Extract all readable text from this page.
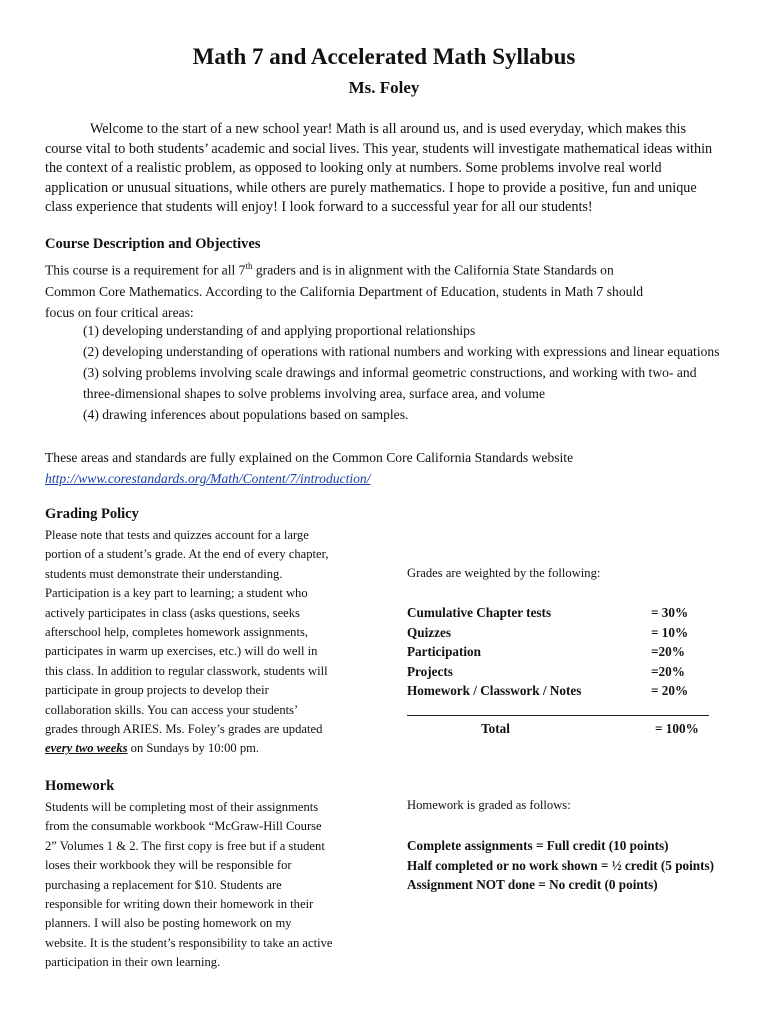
Math 7 and Accelerated Math Syllabus
Ms. Foley
Welcome to the start of a new school year! Math is all around us, and is used everyday, which makes this course vital to both students’ academic and social lives. This year, students will investigate mathematical ideas within the context of a realistic problem, as opposed to looking only at numbers. Some problems involve real world application or unusual situations, while others are purely mathematics. I hope to provide a positive, fun and unique class experience that students will enjoy! I look forward to a successful year for all our students!
Course Description and Objectives
This course is a requirement for all 7th graders and is in alignment with the California State Standards on
Common Core Mathematics. According to the California Department of Education, students in Math 7 should
focus on four critical areas:
(1) developing understanding of and applying proportional relationships
(2) developing understanding of operations with rational numbers and working with expressions and linear equations
(3) solving problems involving scale drawings and informal geometric constructions, and working with two- and three-dimensional shapes to solve problems involving area, surface area, and volume
(4) drawing inferences about populations based on samples.
These areas and standards are fully explained on the Common Core California Standards website
http://www.corestandards.org/Math/Content/7/introduction/
Grading Policy
Please note that tests and quizzes account for a large
portion of a student’s grade. At the end of every chapter,
students must demonstrate their understanding.
Participation is a key part to learning; a student who
actively participates in class (asks questions, seeks
afterschool help, completes homework assignments,
participates in warm up exercises, etc.) will do well in
this class. In addition to regular classwork, students will
participate in group projects to develop their
collaboration skills. You can access your students’
grades through ARIES. Ms. Foley’s grades are updated
every two weeks on Sundays by 10:00 pm.
Grades are weighted by the following:
Cumulative Chapter tests	= 30%
Quizzes	= 10%
Participation	=20%
Projects	=20%
Homework / Classwork / Notes	= 20%
Total	= 100%
Homework
Students will be completing most of their assignments
from the consumable workbook “McGraw-Hill Course
2” Volumes 1 & 2. The first copy is free but if a student
loses their workbook they will be responsible for
purchasing a replacement for $10. Students are
responsible for writing down their homework in their
planners. I will also be posting homework on my
website. It is the student’s responsibility to take an active
participation in their own learning.
Homework is graded as follows:
Complete assignments = Full credit (10 points)
Half completed or no work shown = ½ credit (5 points)
Assignment NOT done = No credit (0 points)
